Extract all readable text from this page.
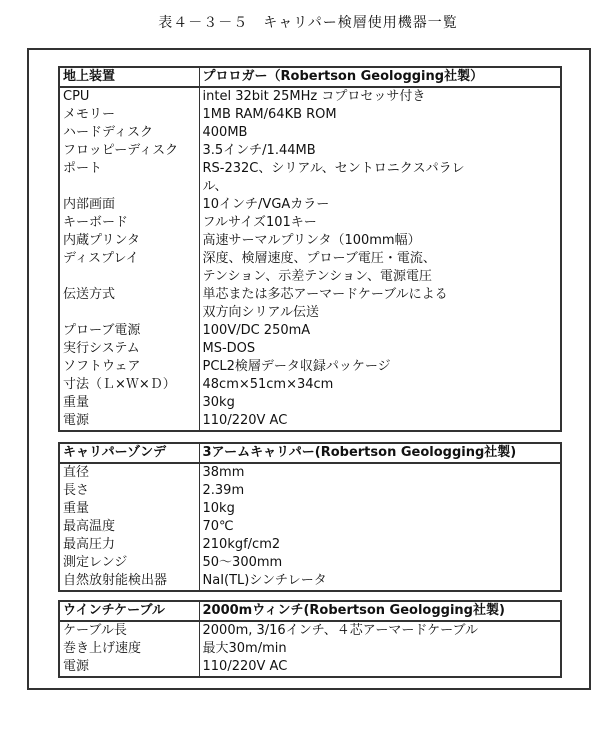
表４－３－５　キャリパー検層使用機器一覧
地上装置	プロロガー（Robertson Geologging社製）
CPU	intel 32bit 25MHz コプロセッサ付き
メモリー	1MB RAM/64KB ROM
ハードディスク	400MB
フロッピーディスク	3.5インチ/1.44MB
ポート	RS-232C、シリアル、セントロニクスパラレ
	ル、
内部画面	10インチ/VGAカラー
キーボード	フルサイズ101キー
内蔵プリンタ	高速サーマルプリンタ（100mm幅）
ディスプレイ	深度、検層速度、プローブ電圧・電流、
	テンション、示差テンション、電源電圧
伝送方式	単芯または多芯アーマードケーブルによる
	双方向シリアル伝送
プローブ電源	100V/DC 250mA
実行システム	MS-DOS
ソフトウェア	PCL2検層データ収録パッケージ
寸法（Ｌ×Ｗ×Ｄ）	48cm×51cm×34cm
重量	30kg
電源	110/220V AC
キャリパーゾンデ	3アームキャリパー(Robertson Geologging社製)
直径	38mm
長さ	2.39m
重量	10kg
最高温度	70℃
最高圧力	210kgf/cm2
測定レンジ	50～300mm
自然放射能検出器	NaI(TL)シンチレータ
ウインチケーブル	2000mウィンチ(Robertson Geologging社製)
ケーブル長	2000m, 3/16インチ、４芯アーマードケーブル
巻き上げ速度	最大30m/min
電源	110/220V AC
